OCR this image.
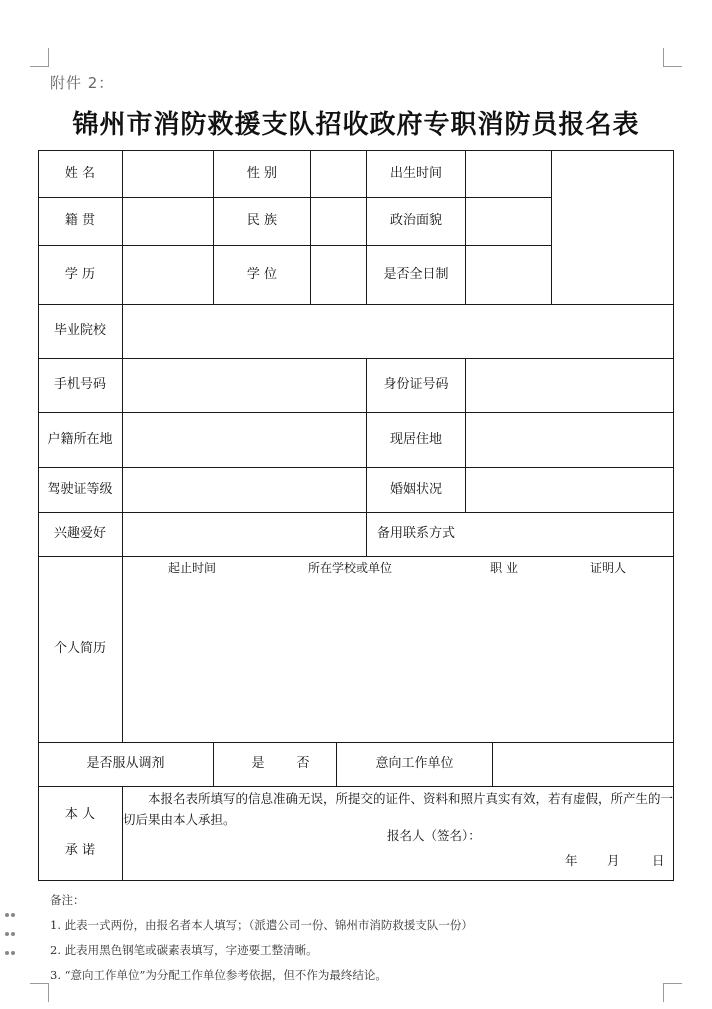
附件 2：
锦州市消防救援支队招收政府专职消防员报名表
姓 名	性 别	出生时间
籍 贯	民 族	政治面貌
学 历	学 位	是否全日制
毕业院校
手机号码	身份证号码
户籍所在地	现居住地
驾驶证等级	婚姻状况
兴趣爱好	备用联系方式
个人简历
起止时间	所在学校或单位	职 业	证明人
是否服从调剂	是	否	意向工作单位
本 人
承 诺
本报名表所填写的信息准确无误，所提交的证件、资料和照片真实有效，若有虚假，所产生的一切后果由本人承担。
报名人（签名）：
年 月	日
备注：
1. 此表一式两份，由报名者本人填写；（派遣公司一份、锦州市消防救援支队一份）
2. 此表用黑色钢笔或碳素表填写，字迹要工整清晰。
3. “意向工作单位”为分配工作单位参考依据，但不作为最终结论。
